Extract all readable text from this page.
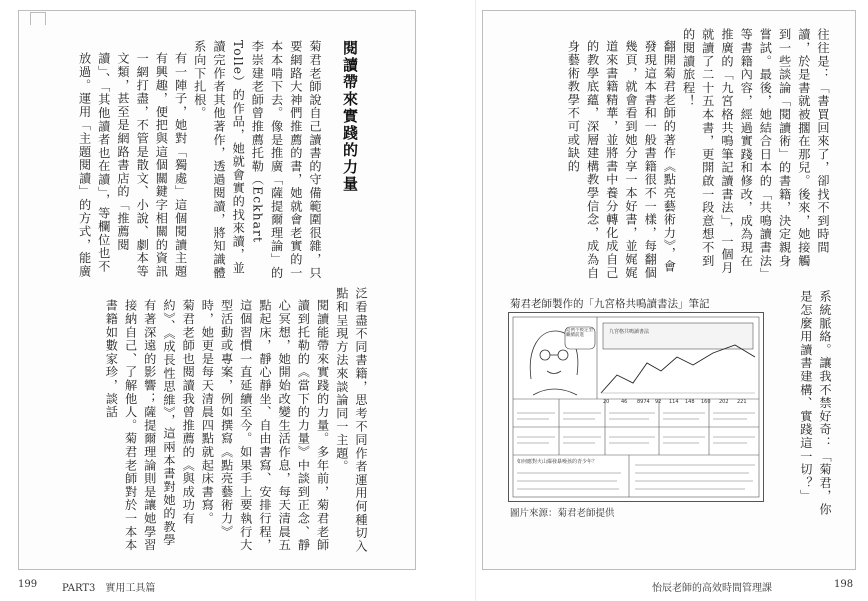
閱讀帶來實踐的力量

菊君老師說自己讀書的守備範圍很雜，只要網路大神們推薦的書，她就會老實的一本本啃下去。像是推廣「薩提爾理論」的李崇建老師曾推薦托勒（Eckhart Tolle）的作品，她就會實的找來讀，並讀完作者其他著作，透過閱讀，將知識體系向下扎根。

有一陣子，她對「獨處」這個閱讀主題有興趣，便把與這個關鍵字相關的資訊一網打盡，不管是散文、小說、劇本等文類，甚至是網路書店的「推薦閱讀」、「其他讀者也在讀」，等欄位也不放過。運用「主題閱讀」的方式，能廣

泛看盡不同書籍，思考不同作者運用何種切入點和呈現方法來談論同一主題。

閱讀能帶來實踐的力量。多年前，菊君老師讀到托勒的《當下的力量》中談到正念、靜心冥想，她開始改變生活作息，每天清晨五點起床，靜心靜坐、自由書寫、安排行程，這個習慣一直延續至今。如果手上要執行大型活動或專案，例如撰寫《點亮藝術力》時，她更是每天清晨四點就起床書寫。

菊君老師也閱讀我曾推薦的《與成功有約》、《成長性思維》，這兩本書對她的教學有著深遠的影響；薩提爾理論則是讓她學習接納自己、了解他人。菊君老師對於一本本書籍如數家珍，談話

往往是：「書買回來了，卻找不到時間讀，於是書就被擱在那兒。後來，她接觸到一些談論「閱讀術」的書籍，決定親身嘗試。最後，她結合日本的「共鳴讀書法」等書籍內容，經過實踐和修改，成為現在推廣的「九宮格共鳴筆記讀書法」，一個月就讀了二十五本書，更開啟一段意想不到的閱讀旅程！

翻開菊君老師的著作《點亮藝術力》，會發現這本書和一般書籍很不一樣，每翻個幾頁，就會看到她分享一本好書，並娓娓道來書籍精華，並將書中養分轉化成自己的教學底蘊，深層建構教學信念，成為自身藝術教學不可或缺的

系統脈絡。讓我不禁好奇：「菊君，你是怎麼用讀書建構、實踐這一切？」

菊君老師製作的「九宮格共鳴讀書法」筆記
九宮格共鳴讀書法
20 46 8974 92 114 148 160 202 221
如何應對火山爆發暴噪孩的青少年？
這例不被定型繼續前進
圖片來源：菊君老師提供
199 PART3　實用工具篇	怡辰老師的高效時間管理課	198
